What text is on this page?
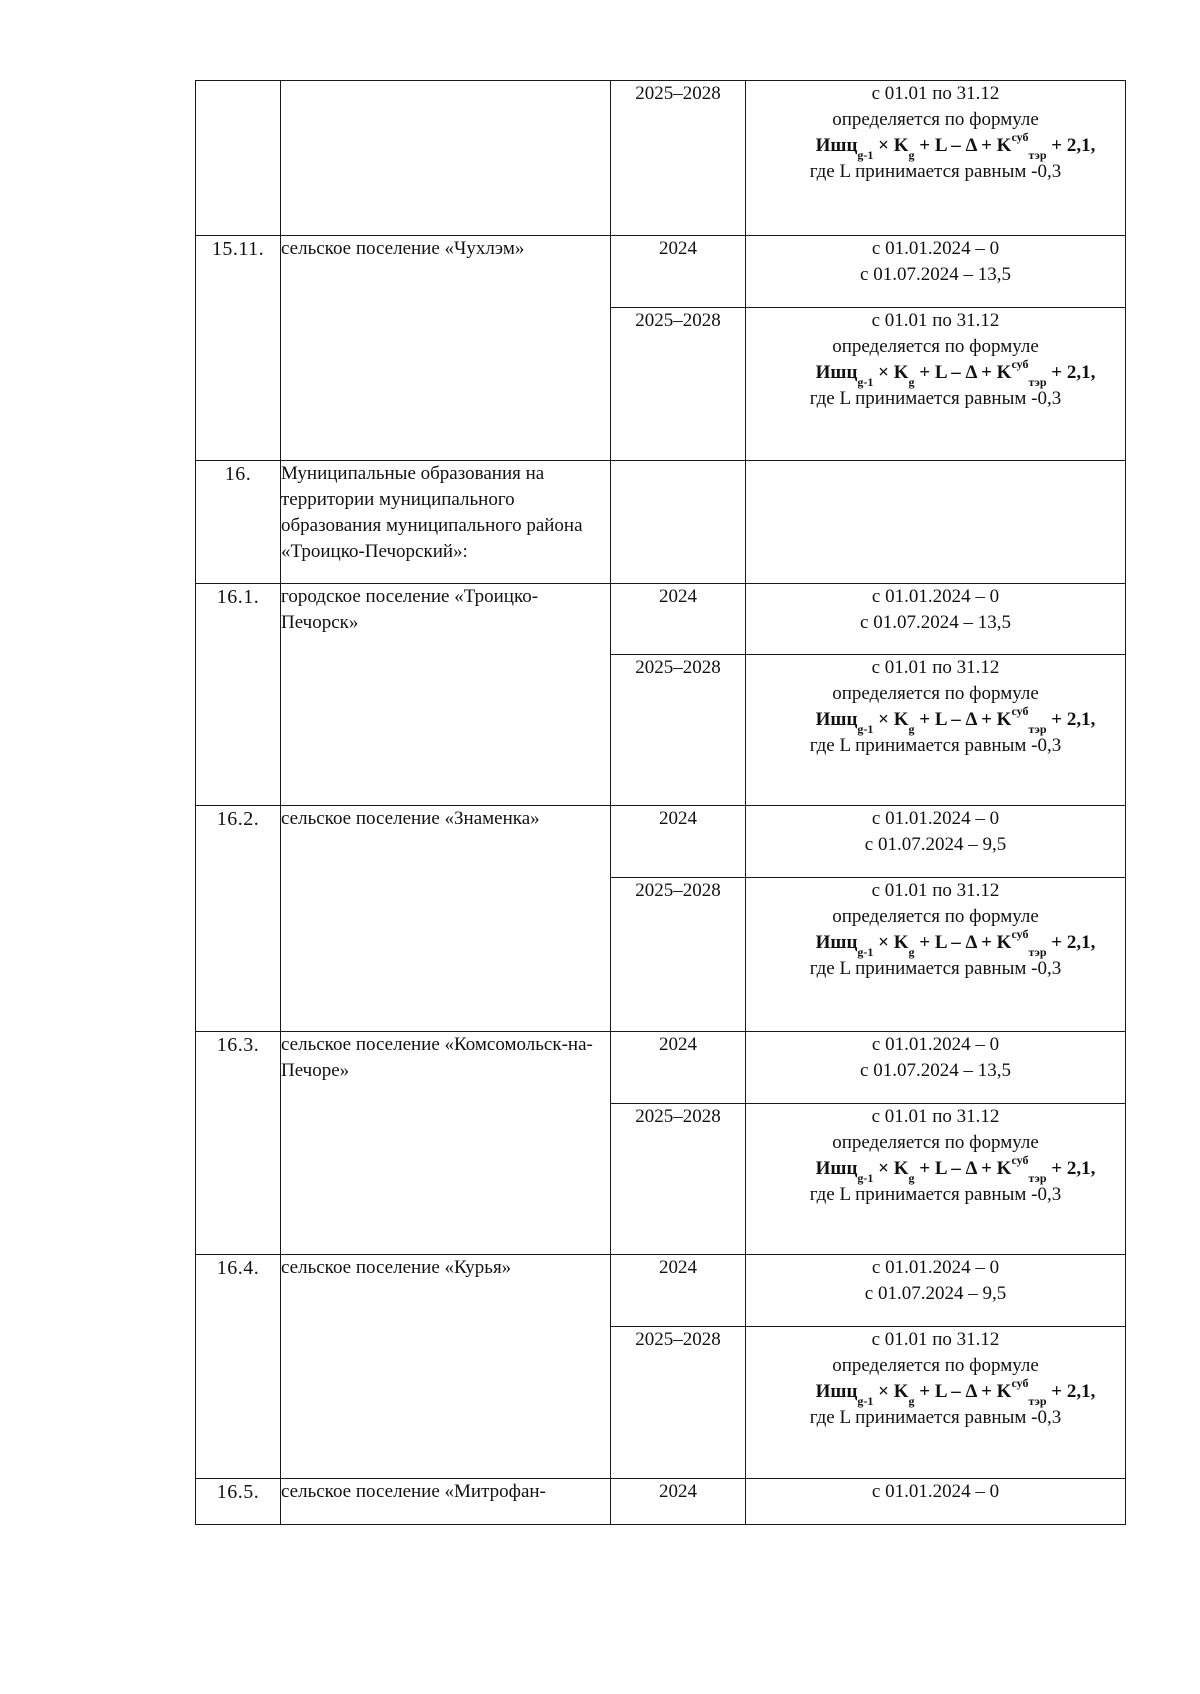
		2025–2028	с 01.01 по 31.12
определяется по формуле
$Ишц_{g-1} \times K_g + L - \Delta + K^{суб}_{тэр} + 2,1$,
где L принимается равным -0,3

15.11.	сельское поселение «Чухлэм»	2024	с 01.01.2024 – 0
с 01.07.2024 – 13,5

		2025–2028	с 01.01 по 31.12
определяется по формуле
$Ишц_{g-1} \times K_g + L - \Delta + K^{суб}_{тэр} + 2,1$,
где L принимается равным -0,3

16.	Муниципальные образования на территории муниципального образования муниципального района «Троицко-Печорский»:		
16.1.	городское поселение «Троицко-Печорск»	2024	с 01.01.2024 – 0
с 01.07.2024 – 13,5

		2025–2028	с 01.01 по 31.12
определяется по формуле
$Ишц_{g-1} \times K_g + L - \Delta + K^{суб}_{тэр} + 2,1$,
где L принимается равным -0,3

16.2.	сельское поселение «Знаменка»	2024	с 01.01.2024 – 0
с 01.07.2024 – 9,5

		2025–2028	с 01.01 по 31.12
определяется по формуле
$Ишц_{g-1} \times K_g + L - \Delta + K^{суб}_{тэр} + 2,1$,
где L принимается равным -0,3

16.3.	сельское поселение «Комсомольск-на-Печоре»	2024	с 01.01.2024 – 0
с 01.07.2024 – 13,5

		2025–2028	с 01.01 по 31.12
определяется по формуле
$Ишц_{g-1} \times K_g + L - \Delta + K^{суб}_{тэр} + 2,1$,
где L принимается равным -0,3

16.4.	сельское поселение «Курья»	2024	с 01.01.2024 – 0
с 01.07.2024 – 9,5

		2025–2028	с 01.01 по 31.12
определяется по формуле
$Ишц_{g-1} \times K_g + L - \Delta + K^{суб}_{тэр} + 2,1$,
где L принимается равным -0,3

16.5.	сельское поселение «Митрофан-	2024	с 01.01.2024 – 0
